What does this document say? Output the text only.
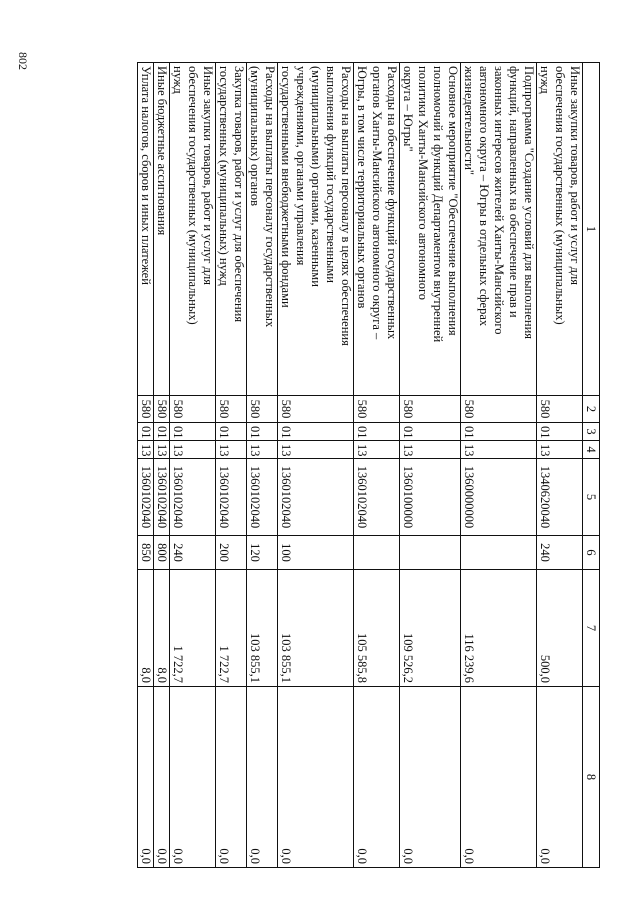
802
1	2	3	4	5	6	7	8
Иные закупки товаров, работ и услуг для
обеспечения государственных (муниципальных)
нужд	580	01	13	1340620040	240	500,0	0,0
Подпрограмма "Создание условий для выполнения
функций, направленных на обеспечение прав и
законных интересов жителей Ханты-Мансийского
автономного округа – Югры в отдельных сферах
жизнедеятельности"	580	01	13	1360000000		116 239,6	0,0
Основное мероприятие "Обеспечение выполнения
полномочий и функций Департаментом внутренней
политики Ханты-Мансийского автономного
округа – Югры"	580	01	13	1360100000		109 526,2	0,0
Расходы на обеспечение функций государственных
органов Ханты-Мансийского автономного округа –
Югры, в том числе территориальных органов	580	01	13	1360102040		105 585,8	0,0
Расходы на выплаты персоналу в целях обеспечения
выполнения функций государственными
(муниципальными) органами, казенными
учреждениями, органами управления
государственными внебюджетными фондами	580	01	13	1360102040	100	103 855,1	0,0
Расходы на выплаты персоналу государственных
(муниципальных) органов	580	01	13	1360102040	120	103 855,1	0,0
Закупка товаров, работ и услуг для обеспечения
государственных (муниципальных) нужд	580	01	13	1360102040	200	1 722,7	0,0
Иные закупки товаров, работ и услуг для
обеспечения государственных (муниципальных)
нужд	580	01	13	1360102040	240	1 722,7	0,0
Иные бюджетные ассигнования	580	01	13	1360102040	800	8,0	0,0
Уплата налогов, сборов и иных платежей	580	01	13	1360102040	850	8,0	0,0
